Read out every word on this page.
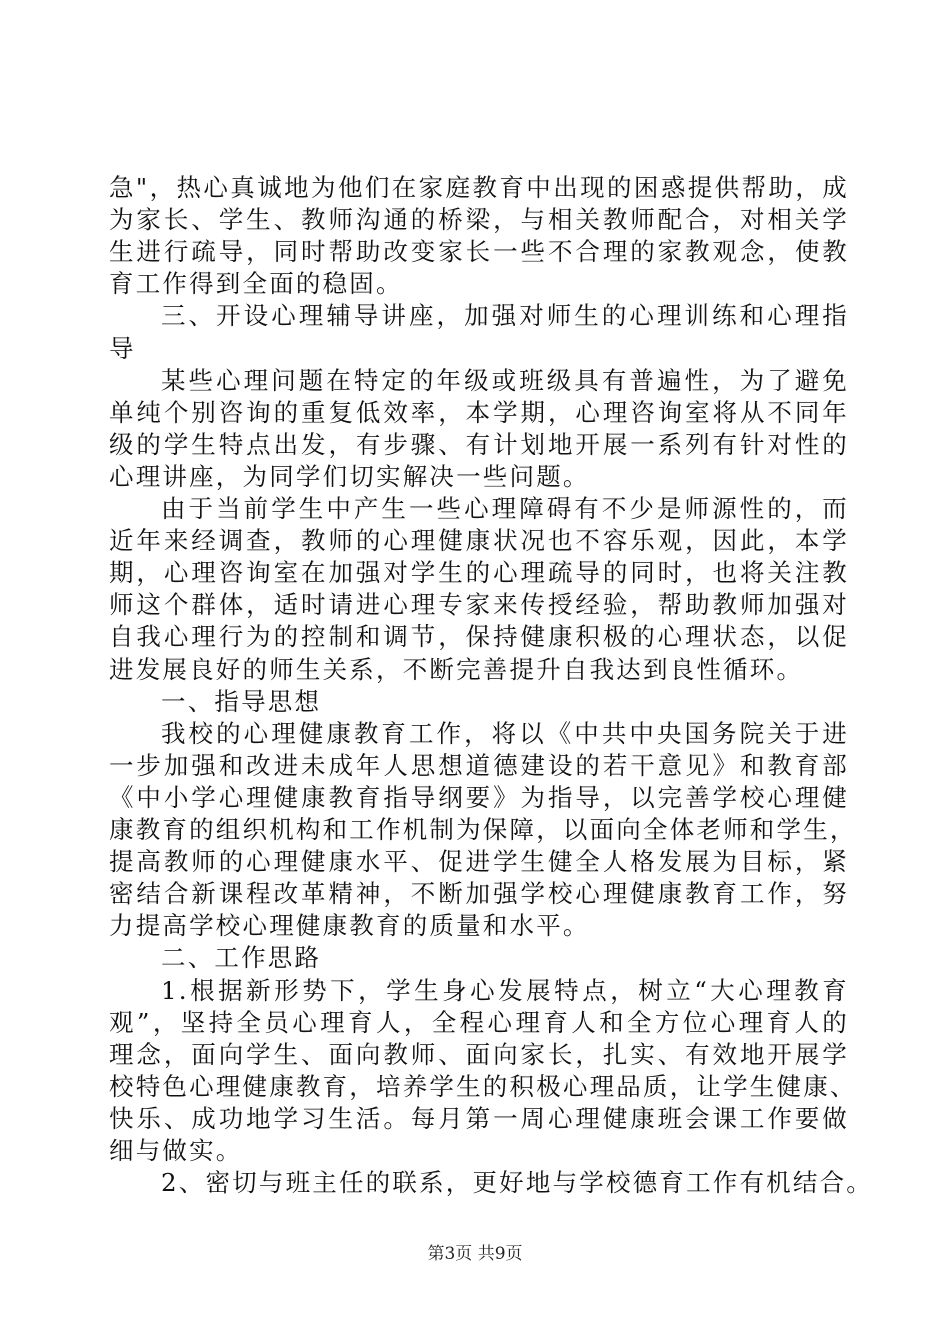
急"，热心真诚地为他们在家庭教育中出现的困惑提供帮助，成
为家长、学生、教师沟通的桥梁，与相关教师配合，对相关学
生进行疏导，同时帮助改变家长一些不合理的家教观念，使教
育工作得到全面的稳固。
三、开设心理辅导讲座，加强对师生的心理训练和心理指
导
某些心理问题在特定的年级或班级具有普遍性，为了避免
单纯个别咨询的重复低效率，本学期，心理咨询室将从不同年
级的学生特点出发，有步骤、有计划地开展一系列有针对性的
心理讲座，为同学们切实解决一些问题。
由于当前学生中产生一些心理障碍有不少是师源性的，而
近年来经调查，教师的心理健康状况也不容乐观，因此，本学
期，心理咨询室在加强对学生的心理疏导的同时，也将关注教
师这个群体，适时请进心理专家来传授经验，帮助教师加强对
自我心理行为的控制和调节，保持健康积极的心理状态，以促
进发展良好的师生关系，不断完善提升自我达到良性循环。
一、指导思想
我校的心理健康教育工作，将以《中共中央国务院关于进
一步加强和改进未成年人思想道德建设的若干意见》和教育部
《中小学心理健康教育指导纲要》为指导，以完善学校心理健
康教育的组织机构和工作机制为保障，以面向全体老师和学生，
提高教师的心理健康水平、促进学生健全人格发展为目标，紧
密结合新课程改革精神，不断加强学校心理健康教育工作，努
力提高学校心理健康教育的质量和水平。
二、工作思路
1.根据新形势下，学生身心发展特点，树立“大心理教育
观”，坚持全员心理育人，全程心理育人和全方位心理育人的
理念，面向学生、面向教师、面向家长，扎实、有效地开展学
校特色心理健康教育，培养学生的积极心理品质，让学生健康、
快乐、成功地学习生活。每月第一周心理健康班会课工作要做
细与做实。
2、密切与班主任的联系，更好地与学校德育工作有机结合。
第3页 共9页
